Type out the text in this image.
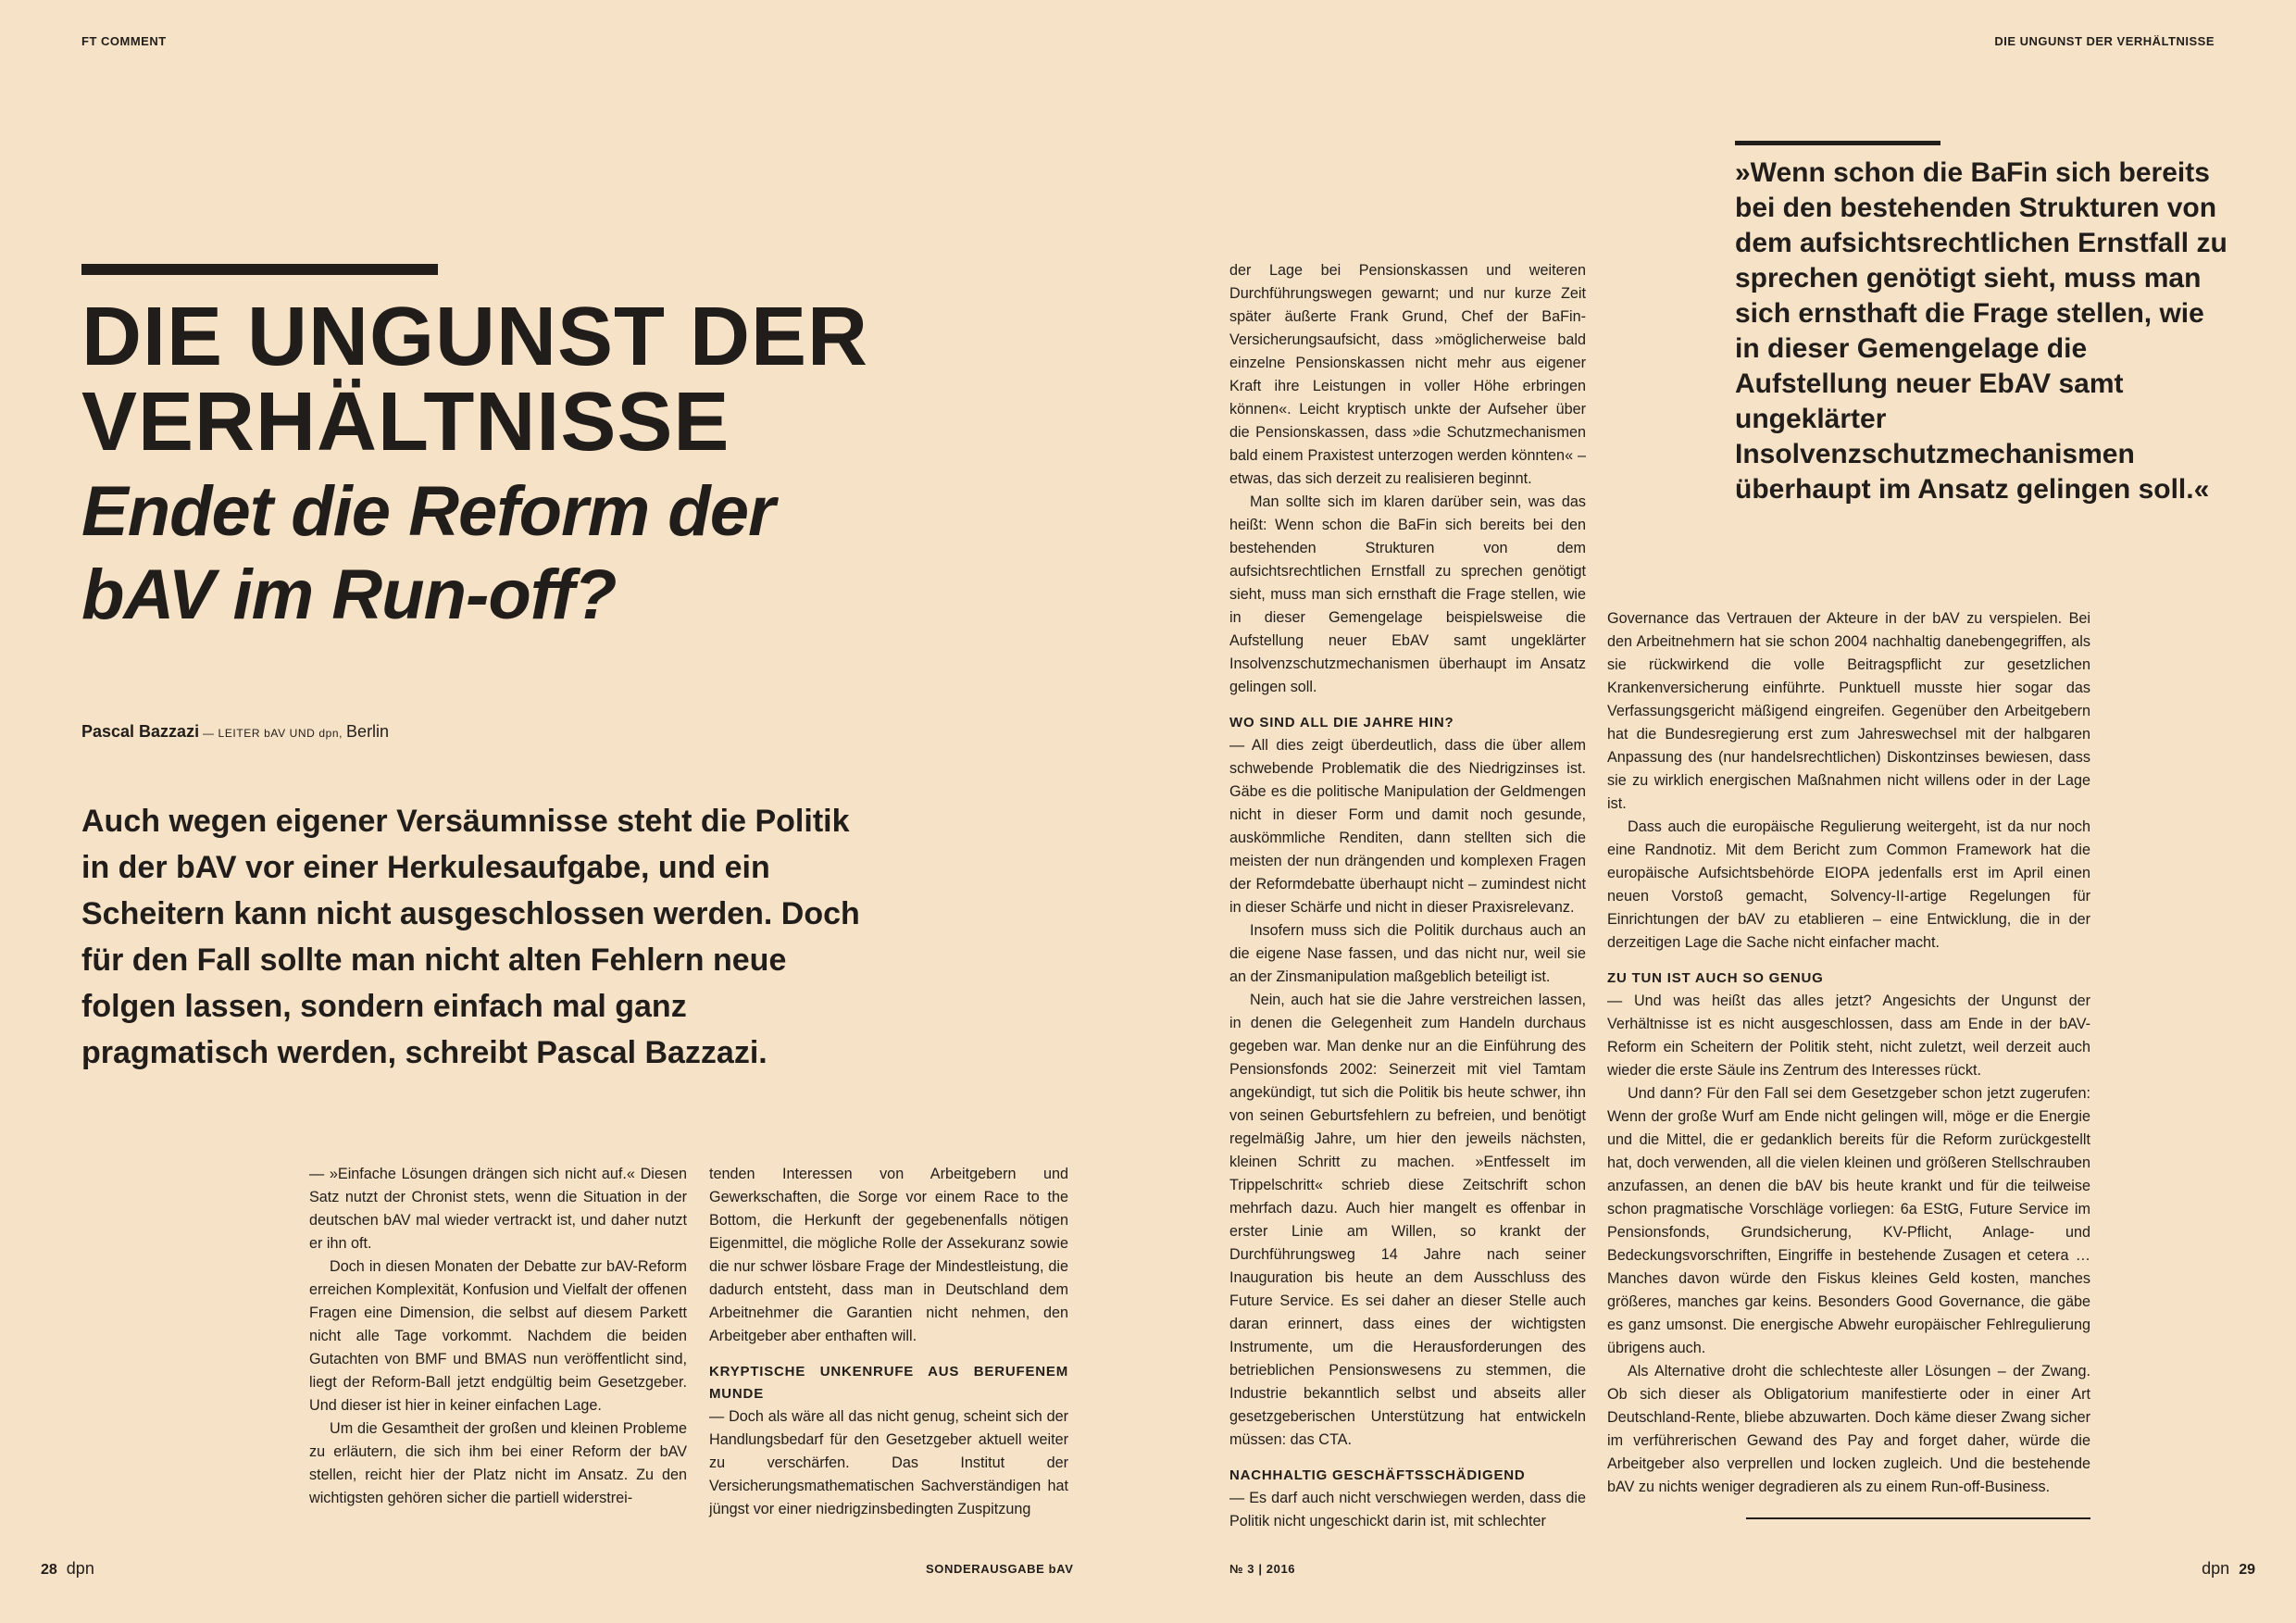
FT COMMENT	DIE UNGUNST DER VERHÄLTNISSE
DIE UNGUNST DER
VERHÄLTNISSE
Endet die Reform der
bAV im Run-off?
Pascal Bazzazi — LEITER bAV UND dpn, Berlin

Auch wegen eigener Versäumnisse steht die Politik in der bAV vor einer Herkulesaufgabe, und ein Scheitern kann nicht ausgeschlossen werden. Doch für den Fall sollte man nicht alten Fehlern neue folgen lassen, sondern einfach mal ganz pragmatisch werden, schreibt Pascal Bazzazi.

— »Einfache Lösungen drängen sich nicht auf.« Diesen Satz nutzt der Chronist stets, wenn die Situation in der deutschen bAV mal wieder vertrackt ist, und daher nutzt er ihn oft.

Doch in diesen Monaten der Debatte zur bAV-Reform erreichen Komplexität, Konfusion und Vielfalt der offenen Fragen eine Dimension, die selbst auf diesem Parkett nicht alle Tage vorkommt. Nachdem die beiden Gutachten von BMF und BMAS nun veröffentlicht sind, liegt der Reform-Ball jetzt endgültig beim Gesetzgeber. Und dieser ist hier in keiner einfachen Lage.

Um die Gesamtheit der großen und kleinen Probleme zu erläutern, die sich ihm bei einer Reform der bAV stellen, reicht hier der Platz nicht im Ansatz. Zu den wichtigsten gehören sicher die partiell widerstrei-

tenden Interessen von Arbeitgebern und Gewerkschaften, die Sorge vor einem Race to the Bottom, die Herkunft der gegebenenfalls nötigen Eigenmittel, die mögliche Rolle der Assekuranz sowie die nur schwer lösbare Frage der Mindestleistung, die dadurch entsteht, dass man in Deutschland dem Arbeitnehmer die Garantien nicht nehmen, den Arbeitgeber aber enthaften will.

KRYPTISCHE UNKENRUFE AUS BERUFENEM MUNDE

— Doch als wäre all das nicht genug, scheint sich der Handlungsbedarf für den Gesetzgeber aktuell weiter zu verschärfen. Das Institut der Versicherungsmathematischen Sachverständigen hat jüngst vor einer niedrigzinsbedingten Zuspitzung

der Lage bei Pensionskassen und weiteren Durchführungswegen gewarnt; und nur kurze Zeit später äußerte Frank Grund, Chef der BaFin-Versicherungsaufsicht, dass »möglicherweise bald einzelne Pensionskassen nicht mehr aus eigener Kraft ihre Leistungen in voller Höhe erbringen können«. Leicht kryptisch unkte der Aufseher über die Pensionskassen, dass »die Schutzmechanismen bald einem Praxistest unterzogen werden könnten« – etwas, das sich derzeit zu realisieren beginnt.

Man sollte sich im klaren darüber sein, was das heißt: Wenn schon die BaFin sich bereits bei den bestehenden Strukturen von dem aufsichtsrechtlichen Ernstfall zu sprechen genötigt sieht, muss man sich ernsthaft die Frage stellen, wie in dieser Gemengelage beispielsweise die Aufstellung neuer EbAV samt ungeklärter Insolvenzschutzmechanismen überhaupt im Ansatz gelingen soll.

WO SIND ALL DIE JAHRE HIN?

— All dies zeigt überdeutlich, dass die über allem schwebende Problematik die des Niedrigzinses ist. Gäbe es die politische Manipulation der Geldmengen nicht in dieser Form und damit noch gesunde, auskömmliche Renditen, dann stellten sich die meisten der nun drängenden und komplexen Fragen der Reformdebatte überhaupt nicht – zumindest nicht in dieser Schärfe und nicht in dieser Praxisrelevanz.

Insofern muss sich die Politik durchaus auch an die eigene Nase fassen, und das nicht nur, weil sie an der Zinsmanipulation maßgeblich beteiligt ist.

Nein, auch hat sie die Jahre verstreichen lassen, in denen die Gelegenheit zum Handeln durchaus gegeben war. Man denke nur an die Einführung des Pensionsfonds 2002: Seinerzeit mit viel Tamtam angekündigt, tut sich die Politik bis heute schwer, ihn von seinen Geburtsfehlern zu befreien, und benötigt regelmäßig Jahre, um hier den jeweils nächsten, kleinen Schritt zu machen. »Entfesselt im Trippelschritt« schrieb diese Zeitschrift schon mehrfach dazu. Auch hier mangelt es offenbar in erster Linie am Willen, so krankt der Durchführungsweg 14 Jahre nach seiner Inauguration bis heute an dem Ausschluss des Future Service. Es sei daher an dieser Stelle auch daran erinnert, dass eines der wichtigsten Instrumente, um die Herausforderungen des betrieblichen Pensionswesens zu stemmen, die Industrie bekanntlich selbst und abseits aller gesetzgeberischen Unterstützung hat entwickeln müssen: das CTA.

NACHHALTIG GESCHÄFTSSCHÄDIGEND

— Es darf auch nicht verschwiegen werden, dass die Politik nicht ungeschickt darin ist, mit schlechter

»Wenn schon die BaFin sich bereits bei den bestehenden Strukturen von dem aufsichtsrechtlichen Ernstfall zu sprechen genötigt sieht, muss man sich ernsthaft die Frage stellen, wie in dieser Gemengelage die Aufstellung neuer EbAV samt ungeklärter Insolvenzschutzmechanismen überhaupt im Ansatz gelingen soll.«

Governance das Vertrauen der Akteure in der bAV zu verspielen. Bei den Arbeitnehmern hat sie schon 2004 nachhaltig danebengegriffen, als sie rückwirkend die volle Beitragspflicht zur gesetzlichen Krankenversicherung einführte. Punktuell musste hier sogar das Verfassungsgericht mäßigend eingreifen. Gegenüber den Arbeitgebern hat die Bundesregierung erst zum Jahreswechsel mit der halbgaren Anpassung des (nur handelsrechtlichen) Diskontzinses bewiesen, dass sie zu wirklich energischen Maßnahmen nicht willens oder in der Lage ist.

Dass auch die europäische Regulierung weitergeht, ist da nur noch eine Randnotiz. Mit dem Bericht zum Common Framework hat die europäische Aufsichtsbehörde EIOPA jedenfalls erst im April einen neuen Vorstoß gemacht, Solvency-II-artige Regelungen für Einrichtungen der bAV zu etablieren – eine Entwicklung, die in der derzeitigen Lage die Sache nicht einfacher macht.

ZU TUN IST AUCH SO GENUG

— Und was heißt das alles jetzt? Angesichts der Ungunst der Verhältnisse ist es nicht ausgeschlossen, dass am Ende in der bAV-Reform ein Scheitern der Politik steht, nicht zuletzt, weil derzeit auch wieder die erste Säule ins Zentrum des Interesses rückt.

Und dann? Für den Fall sei dem Gesetzgeber schon jetzt zugerufen: Wenn der große Wurf am Ende nicht gelingen will, möge er die Energie und die Mittel, die er gedanklich bereits für die Reform zurückgestellt hat, doch verwenden, all die vielen kleinen und größeren Stellschrauben anzufassen, an denen die bAV bis heute krankt und für die teilweise schon pragmatische Vorschläge vorliegen: 6a EStG, Future Service im Pensionsfonds, Grundsicherung, KV-Pflicht, Anlage- und Bedeckungsvorschriften, Eingriffe in bestehende Zusagen et cetera … Manches davon würde den Fiskus kleines Geld kosten, manches größeres, manches gar keins. Besonders Good Governance, die gäbe es ganz umsonst. Die energische Abwehr europäischer Fehlregulierung übrigens auch.

Als Alternative droht die schlechteste aller Lösungen – der Zwang. Ob sich dieser als Obligatorium manifestierte oder in einer Art Deutschland-Rente, bliebe abzuwarten. Doch käme dieser Zwang sicher im verführerischen Gewand des Pay and forget daher, würde die Arbeitgeber also verprellen und locken zugleich. Und die bestehende bAV zu nichts weniger degradieren als zu einem Run-off-Business.

28 dpn	SONDERAUSGABE bAV	№ 3 | 2016	dpn 29
